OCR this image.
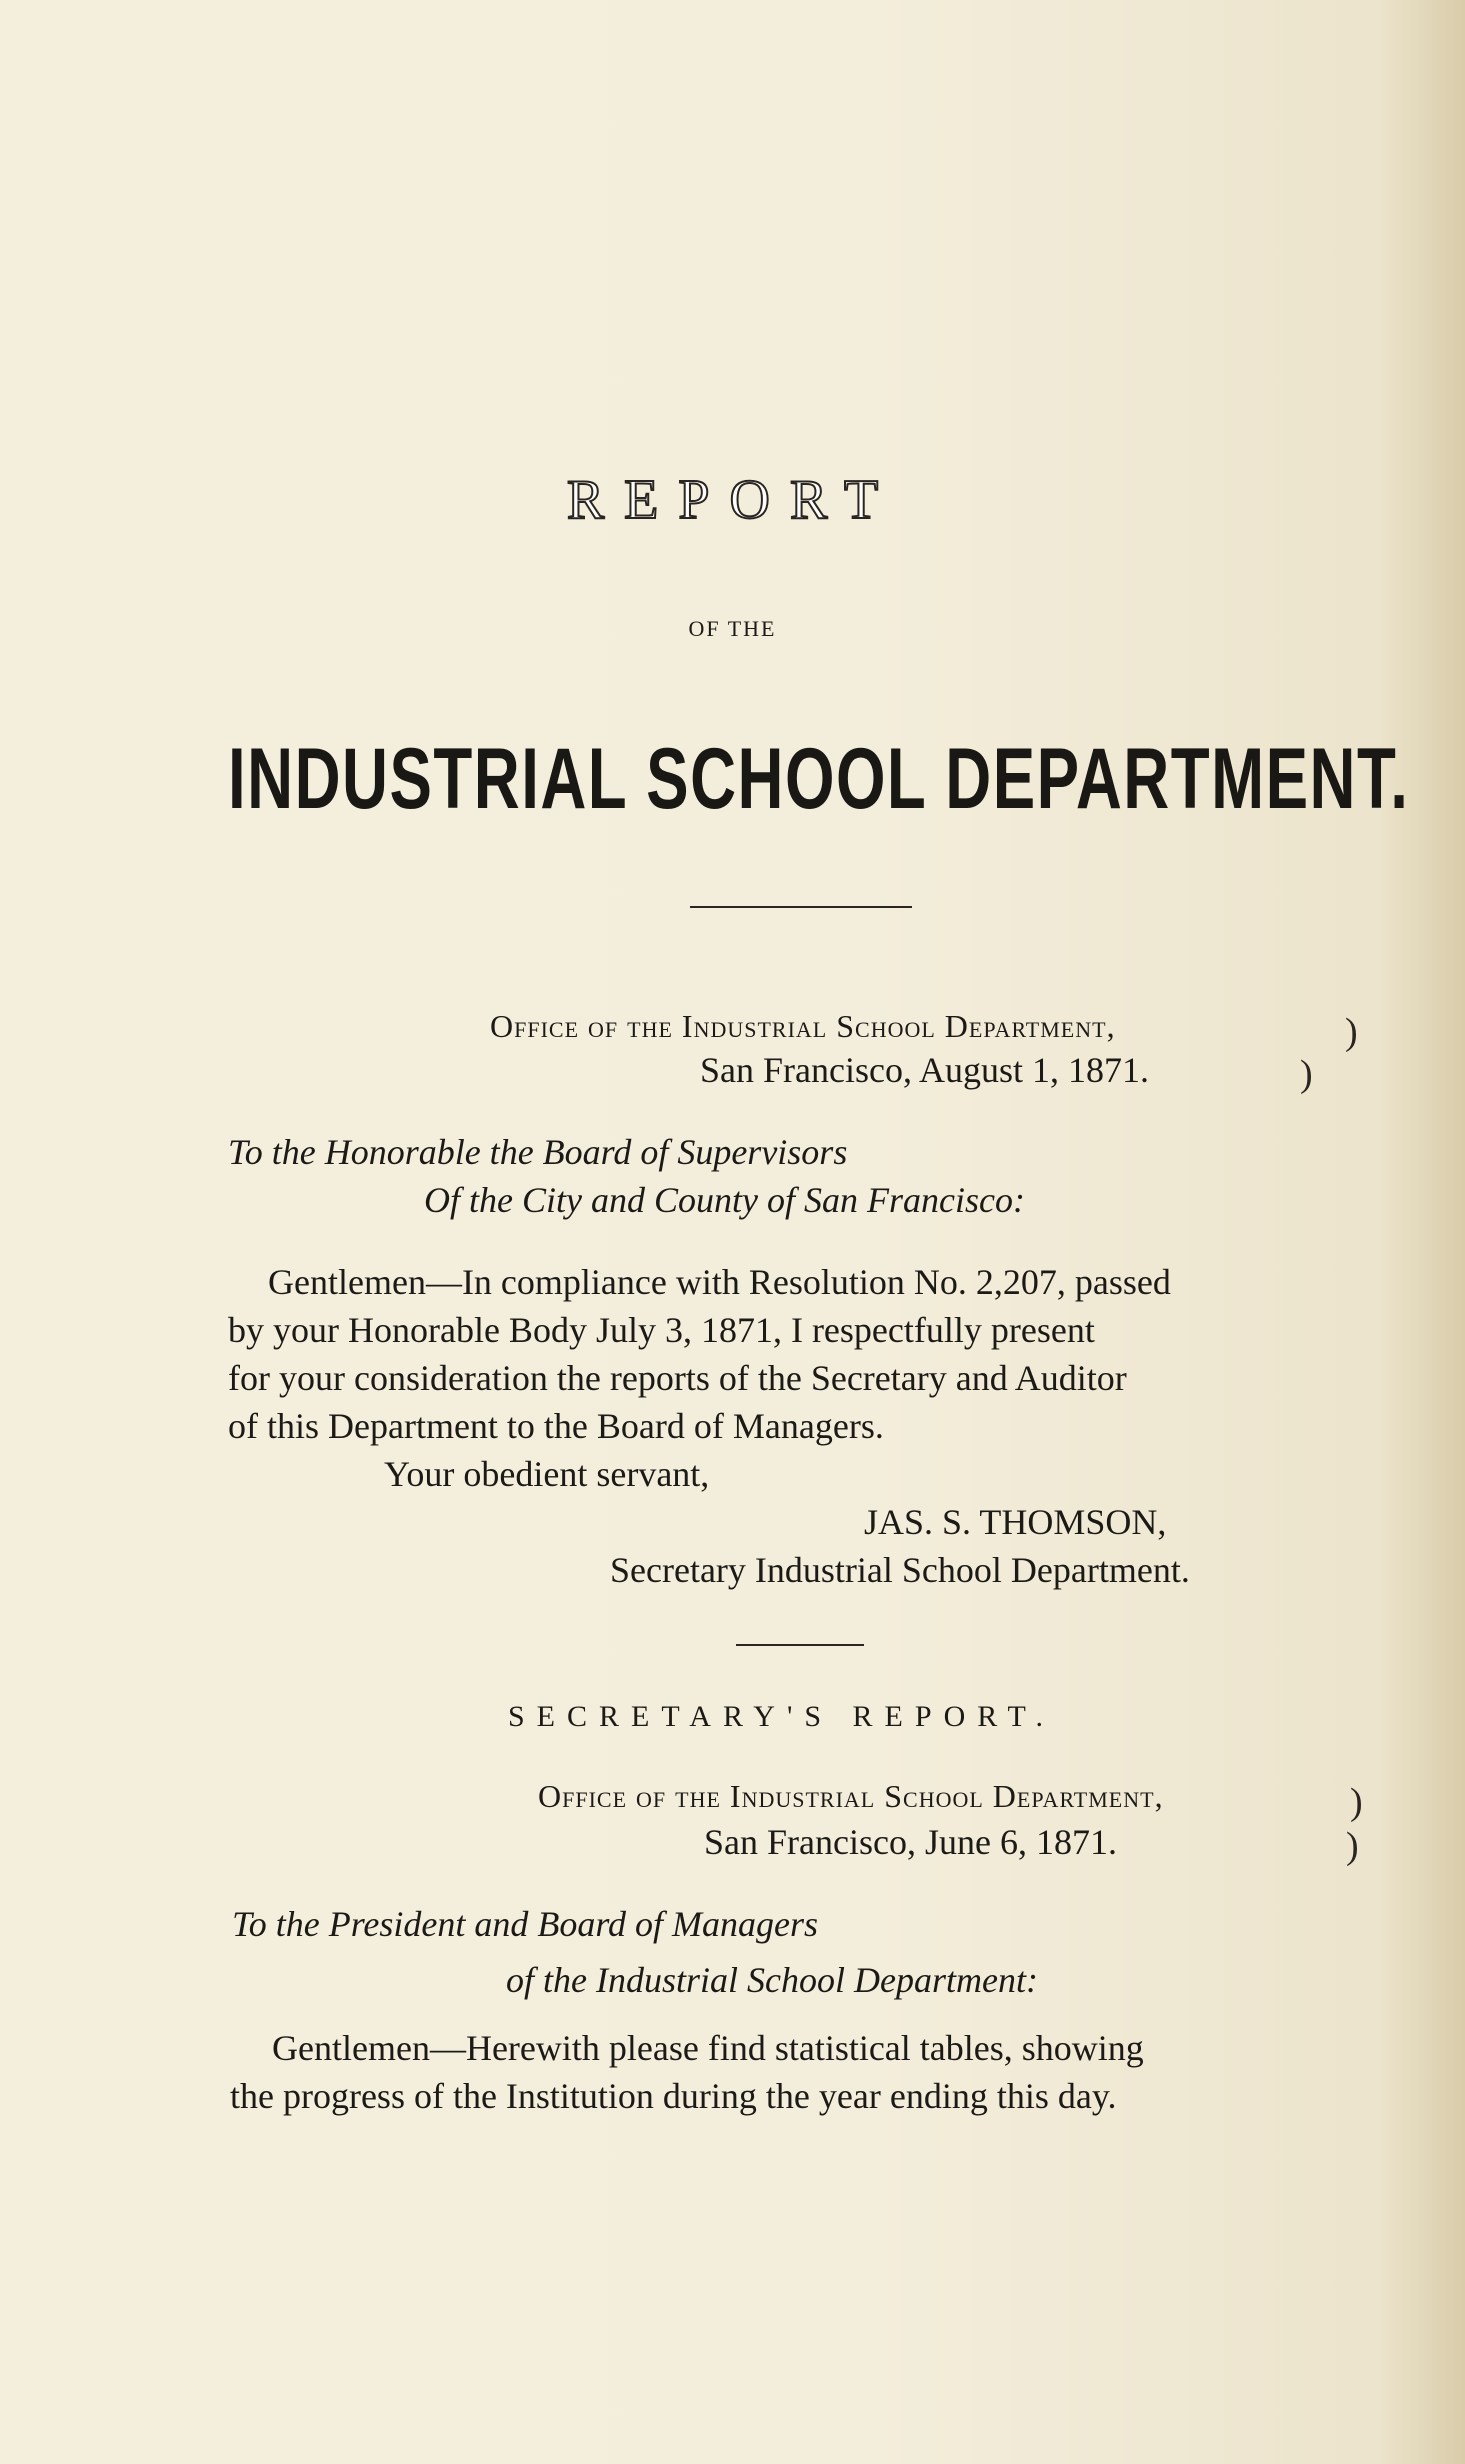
REPORT
OF THE
INDUSTRIAL SCHOOL DEPARTMENT.
Office of the Industrial School Department,	)
San Francisco, August 1, 1871.	)
To the Honorable the Board of Supervisors
Of the City and County of San Francisco:
Gentlemen—In compliance with Resolution No. 2,207, passed
by your Honorable Body July 3, 1871, I respectfully present
for your consideration the reports of the Secretary and Auditor
of this Department to the Board of Managers.
Your obedient servant,
JAS. S. THOMSON,
Secretary Industrial School Department.
SECRETARY'S REPORT.
Office of the Industrial School Department,	)
San Francisco, June 6, 1871.	)
To the President and Board of Managers
of the Industrial School Department:
Gentlemen—Herewith please find statistical tables, showing
the progress of the Institution during the year ending this day.
